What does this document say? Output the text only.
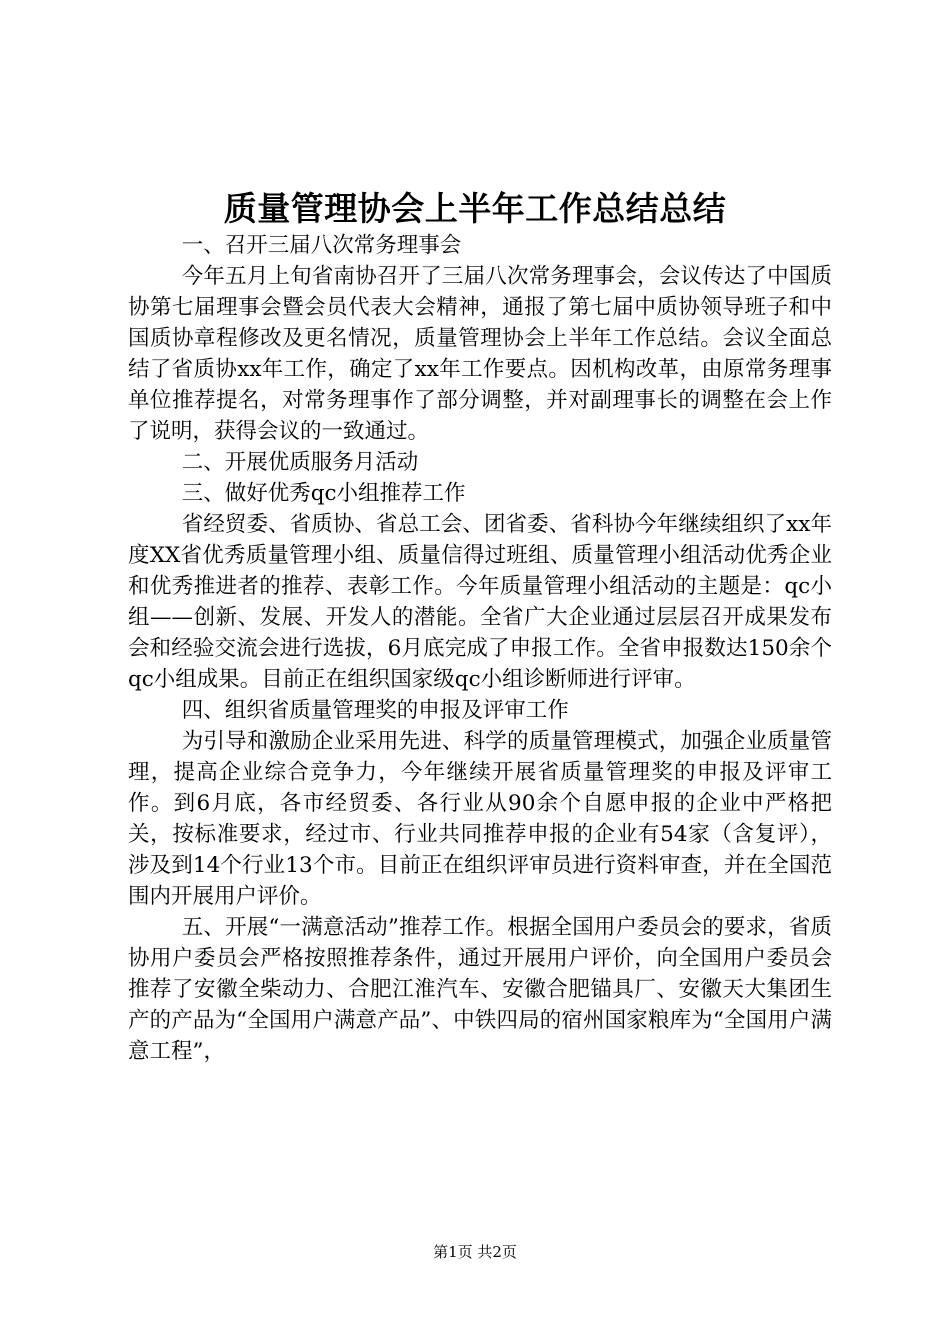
质量管理协会上半年工作总结总结

一、召开三届八次常务理事会

今年五月上旬省南协召开了三届八次常务理事会，会议传达了中国质协第七届理事会暨会员代表大会精神，通报了第七届中质协领导班子和中国质协章程修改及更名情况，质量管理协会上半年工作总结。会议全面总结了省质协xx年工作，确定了xx年工作要点。因机构改革，由原常务理事单位推荐提名，对常务理事作了部分调整，并对副理事长的调整在会上作了说明，获得会议的一致通过。

二、开展优质服务月活动

三、做好优秀qc小组推荐工作

省经贸委、省质协、省总工会、团省委、省科协今年继续组织了xx年度XX省优秀质量管理小组、质量信得过班组、质量管理小组活动优秀企业和优秀推进者的推荐、表彰工作。今年质量管理小组活动的主题是：qc小组——创新、发展、开发人的潜能。全省广大企业通过层层召开成果发布会和经验交流会进行选拔，6月底完成了申报工作。全省申报数达150余个qc小组成果。目前正在组织国家级qc小组诊断师进行评审。

四、组织省质量管理奖的申报及评审工作

为引导和激励企业采用先进、科学的质量管理模式，加强企业质量管理，提高企业综合竞争力，今年继续开展省质量管理奖的申报及评审工作。到6月底，各市经贸委、各行业从90余个自愿申报的企业中严格把关，按标准要求，经过市、行业共同推荐申报的企业有54家（含复评），涉及到14个行业13个市。目前正在组织评审员进行资料审查，并在全国范围内开展用户评价。

五、开展“一满意活动”推荐工作。根据全国用户委员会的要求，省质协用户委员会严格按照推荐条件，通过开展用户评价，向全国用户委员会推荐了安徽全柴动力、合肥江淮汽车、安徽合肥锚具厂、安徽天大集团生产的产品为“全国用户满意产品”、中铁四局的宿州国家粮库为“全国用户满意工程”，

第1页 共2页
